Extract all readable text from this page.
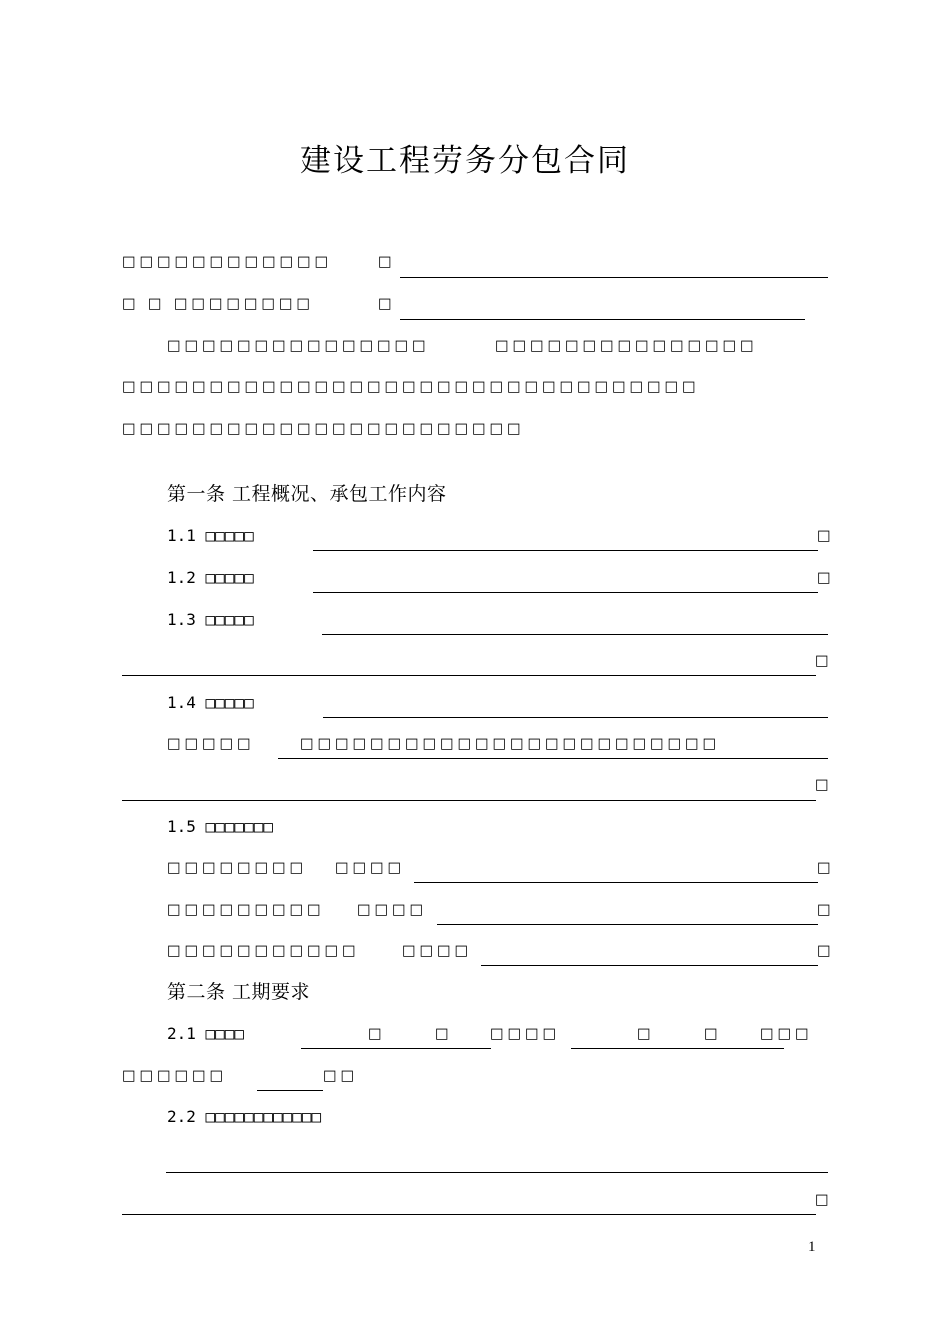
建设工程劳务分包合同
□□□□□□□□□□□□	□
□ □ □□□□□□□□	□
□□□□□□□□□□□□□□□	□□□□□□□□□□□□□□□
□□□□□□□□□□□□□□□□□□□□□□□□□□□□□□□□□
□□□□□□□□□□□□□□□□□□□□□□□
第一条 工程概况、承包工作内容
1.1 □□□□□	□
1.2 □□□□□	□
1.3 □□□□□
□
1.4 □□□□□
□□□□□	□□□□□□□□□□□□□□□□□□□□□□□□
□
1.5 □□□□□□□
□□□□□□□□ □□□□	□
□□□□□□□□□ □□□□	□
□□□□□□□□□□□	□□□□	□
第二条 工期要求
2.1 □□□□	□	□	□□□□	□	□	□□□
□□□□□□	□□
2.2 □□□□□□□□□□□□
□
1
